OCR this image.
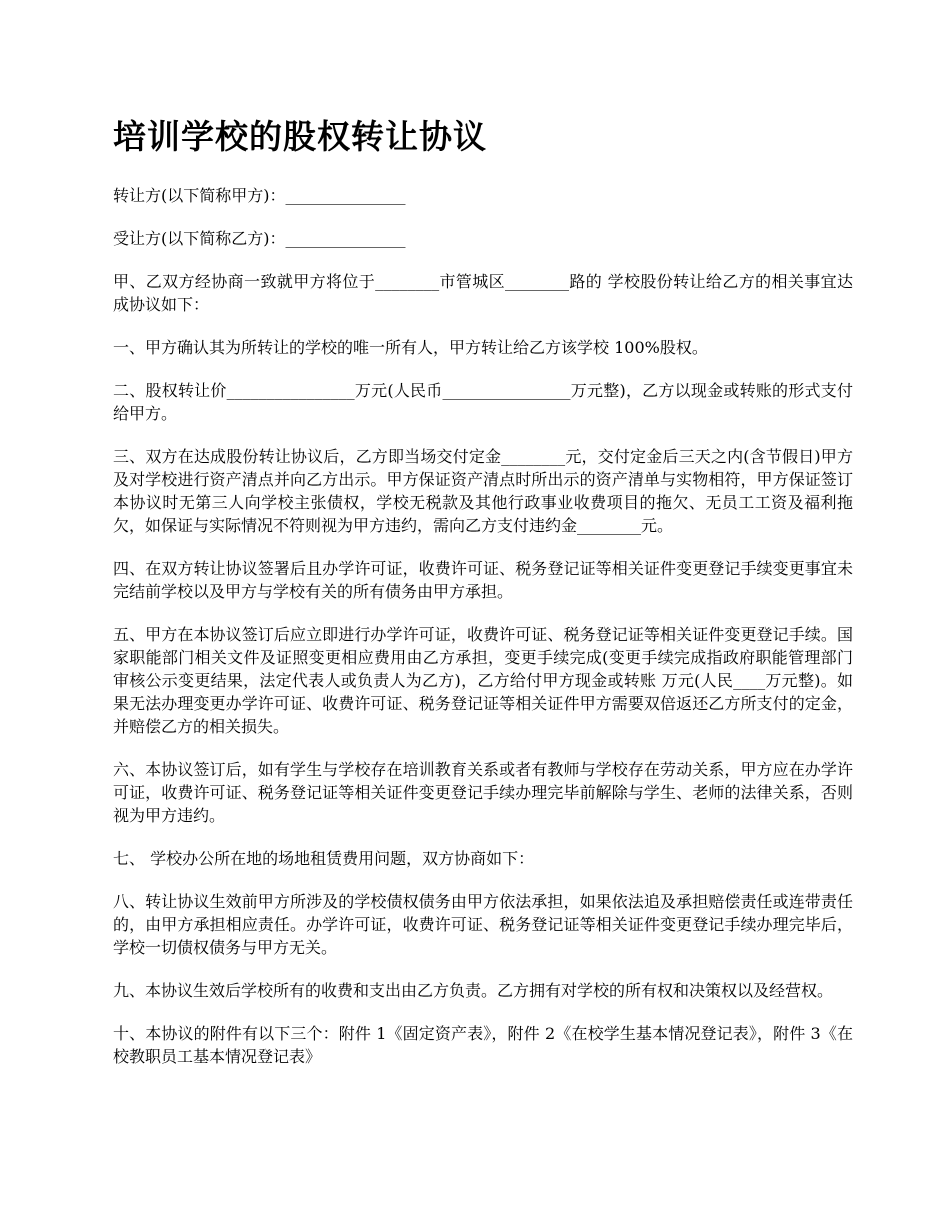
培训学校的股权转让协议

转让方(以下简称甲方)：_______________

受让方(以下简称乙方)：_______________

甲、乙双方经协商一致就甲方将位于________市管城区________路的 学校股份转让给乙方的相关事宜达成协议如下：

一、甲方确认其为所转让的学校的唯一所有人，甲方转让给乙方该学校 100%股权。

二、股权转让价________________万元(人民币________________万元整)，乙方以现金或转账的形式支付给甲方。

三、双方在达成股份转让协议后，乙方即当场交付定金________元，交付定金后三天之内(含节假日)甲方及对学校进行资产清点并向乙方出示。甲方保证资产清点时所出示的资产清单与实物相符，甲方保证签订本协议时无第三人向学校主张债权，学校无税款及其他行政事业收费项目的拖欠、无员工工资及福利拖欠，如保证与实际情况不符则视为甲方违约，需向乙方支付违约金________元。

四、在双方转让协议签署后且办学许可证，收费许可证、税务登记证等相关证件变更登记手续变更事宜未完结前学校以及甲方与学校有关的所有债务由甲方承担。

五、甲方在本协议签订后应立即进行办学许可证，收费许可证、税务登记证等相关证件变更登记手续。国家职能部门相关文件及证照变更相应费用由乙方承担，变更手续完成(变更手续完成指政府职能管理部门审核公示变更结果，法定代表人或负责人为乙方)，乙方给付甲方现金或转账 万元(人民____万元整)。如果无法办理变更办学许可证、收费许可证、税务登记证等相关证件甲方需要双倍返还乙方所支付的定金，并赔偿乙方的相关损失。

六、本协议签订后，如有学生与学校存在培训教育关系或者有教师与学校存在劳动关系，甲方应在办学许可证，收费许可证、税务登记证等相关证件变更登记手续办理完毕前解除与学生、老师的法律关系，否则视为甲方违约。

七、 学校办公所在地的场地租赁费用问题，双方协商如下：

八、转让协议生效前甲方所涉及的学校债权债务由甲方依法承担，如果依法追及承担赔偿责任或连带责任的，由甲方承担相应责任。办学许可证，收费许可证、税务登记证等相关证件变更登记手续办理完毕后，学校一切债权债务与甲方无关。

九、本协议生效后学校所有的收费和支出由乙方负责。乙方拥有对学校的所有权和决策权以及经营权。

十、本协议的附件有以下三个：附件 1《固定资产表》，附件 2《在校学生基本情况登记表》，附件 3《在校教职员工基本情况登记表》
